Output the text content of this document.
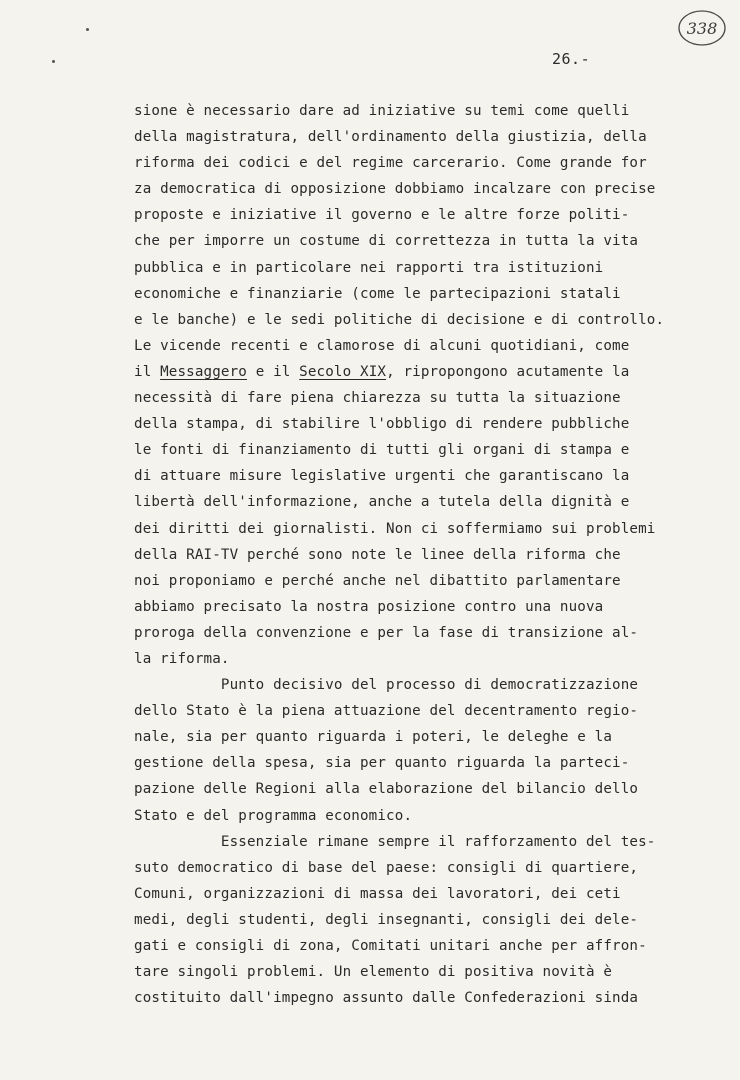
338
26.-
sione è necessario dare ad iniziative su temi come quelli
della magistratura, dell'ordinamento della giustizia, della
riforma dei codici e del regime carcerario. Come grande for
za democratica di opposizione dobbiamo incalzare con precise
proposte e iniziative il governo e le altre forze politi-
che per imporre un costume di correttezza in tutta la vita
pubblica e in particolare nei rapporti tra istituzioni
economiche e finanziarie (come le partecipazioni statali
e le banche) e le sedi politiche di decisione e di controllo.
Le vicende recenti e clamorose di alcuni quotidiani, come
il Messaggero e il Secolo XIX, ripropongono acutamente la
necessità di fare piena chiarezza su tutta la situazione
della stampa, di stabilire l'obbligo di rendere pubbliche
le fonti di finanziamento di tutti gli organi di stampa e
di attuare misure legislative urgenti che garantiscano la
libertà dell'informazione, anche a tutela della dignità e
dei diritti dei giornalisti. Non ci soffermiamo sui problemi
della RAI-TV perché sono note le linee della riforma che
noi proponiamo e perché anche nel dibattito parlamentare
abbiamo precisato la nostra posizione contro una nuova
proroga della convenzione e per la fase di transizione al-
la riforma.
Punto decisivo del processo di democratizzazione
dello Stato è la piena attuazione del decentramento regio-
nale, sia per quanto riguarda i poteri, le deleghe e la
gestione della spesa, sia per quanto riguarda la parteci-
pazione delle Regioni alla elaborazione del bilancio dello
Stato e del programma economico.
Essenziale rimane sempre il rafforzamento del tes-
suto democratico di base del paese: consigli di quartiere,
Comuni, organizzazioni di massa dei lavoratori, dei ceti
medi, degli studenti, degli insegnanti, consigli dei dele-
gati e consigli di zona, Comitati unitari anche per affron-
tare singoli problemi. Un elemento di positiva novità è
costituito dall'impegno assunto dalle Confederazioni sinda
